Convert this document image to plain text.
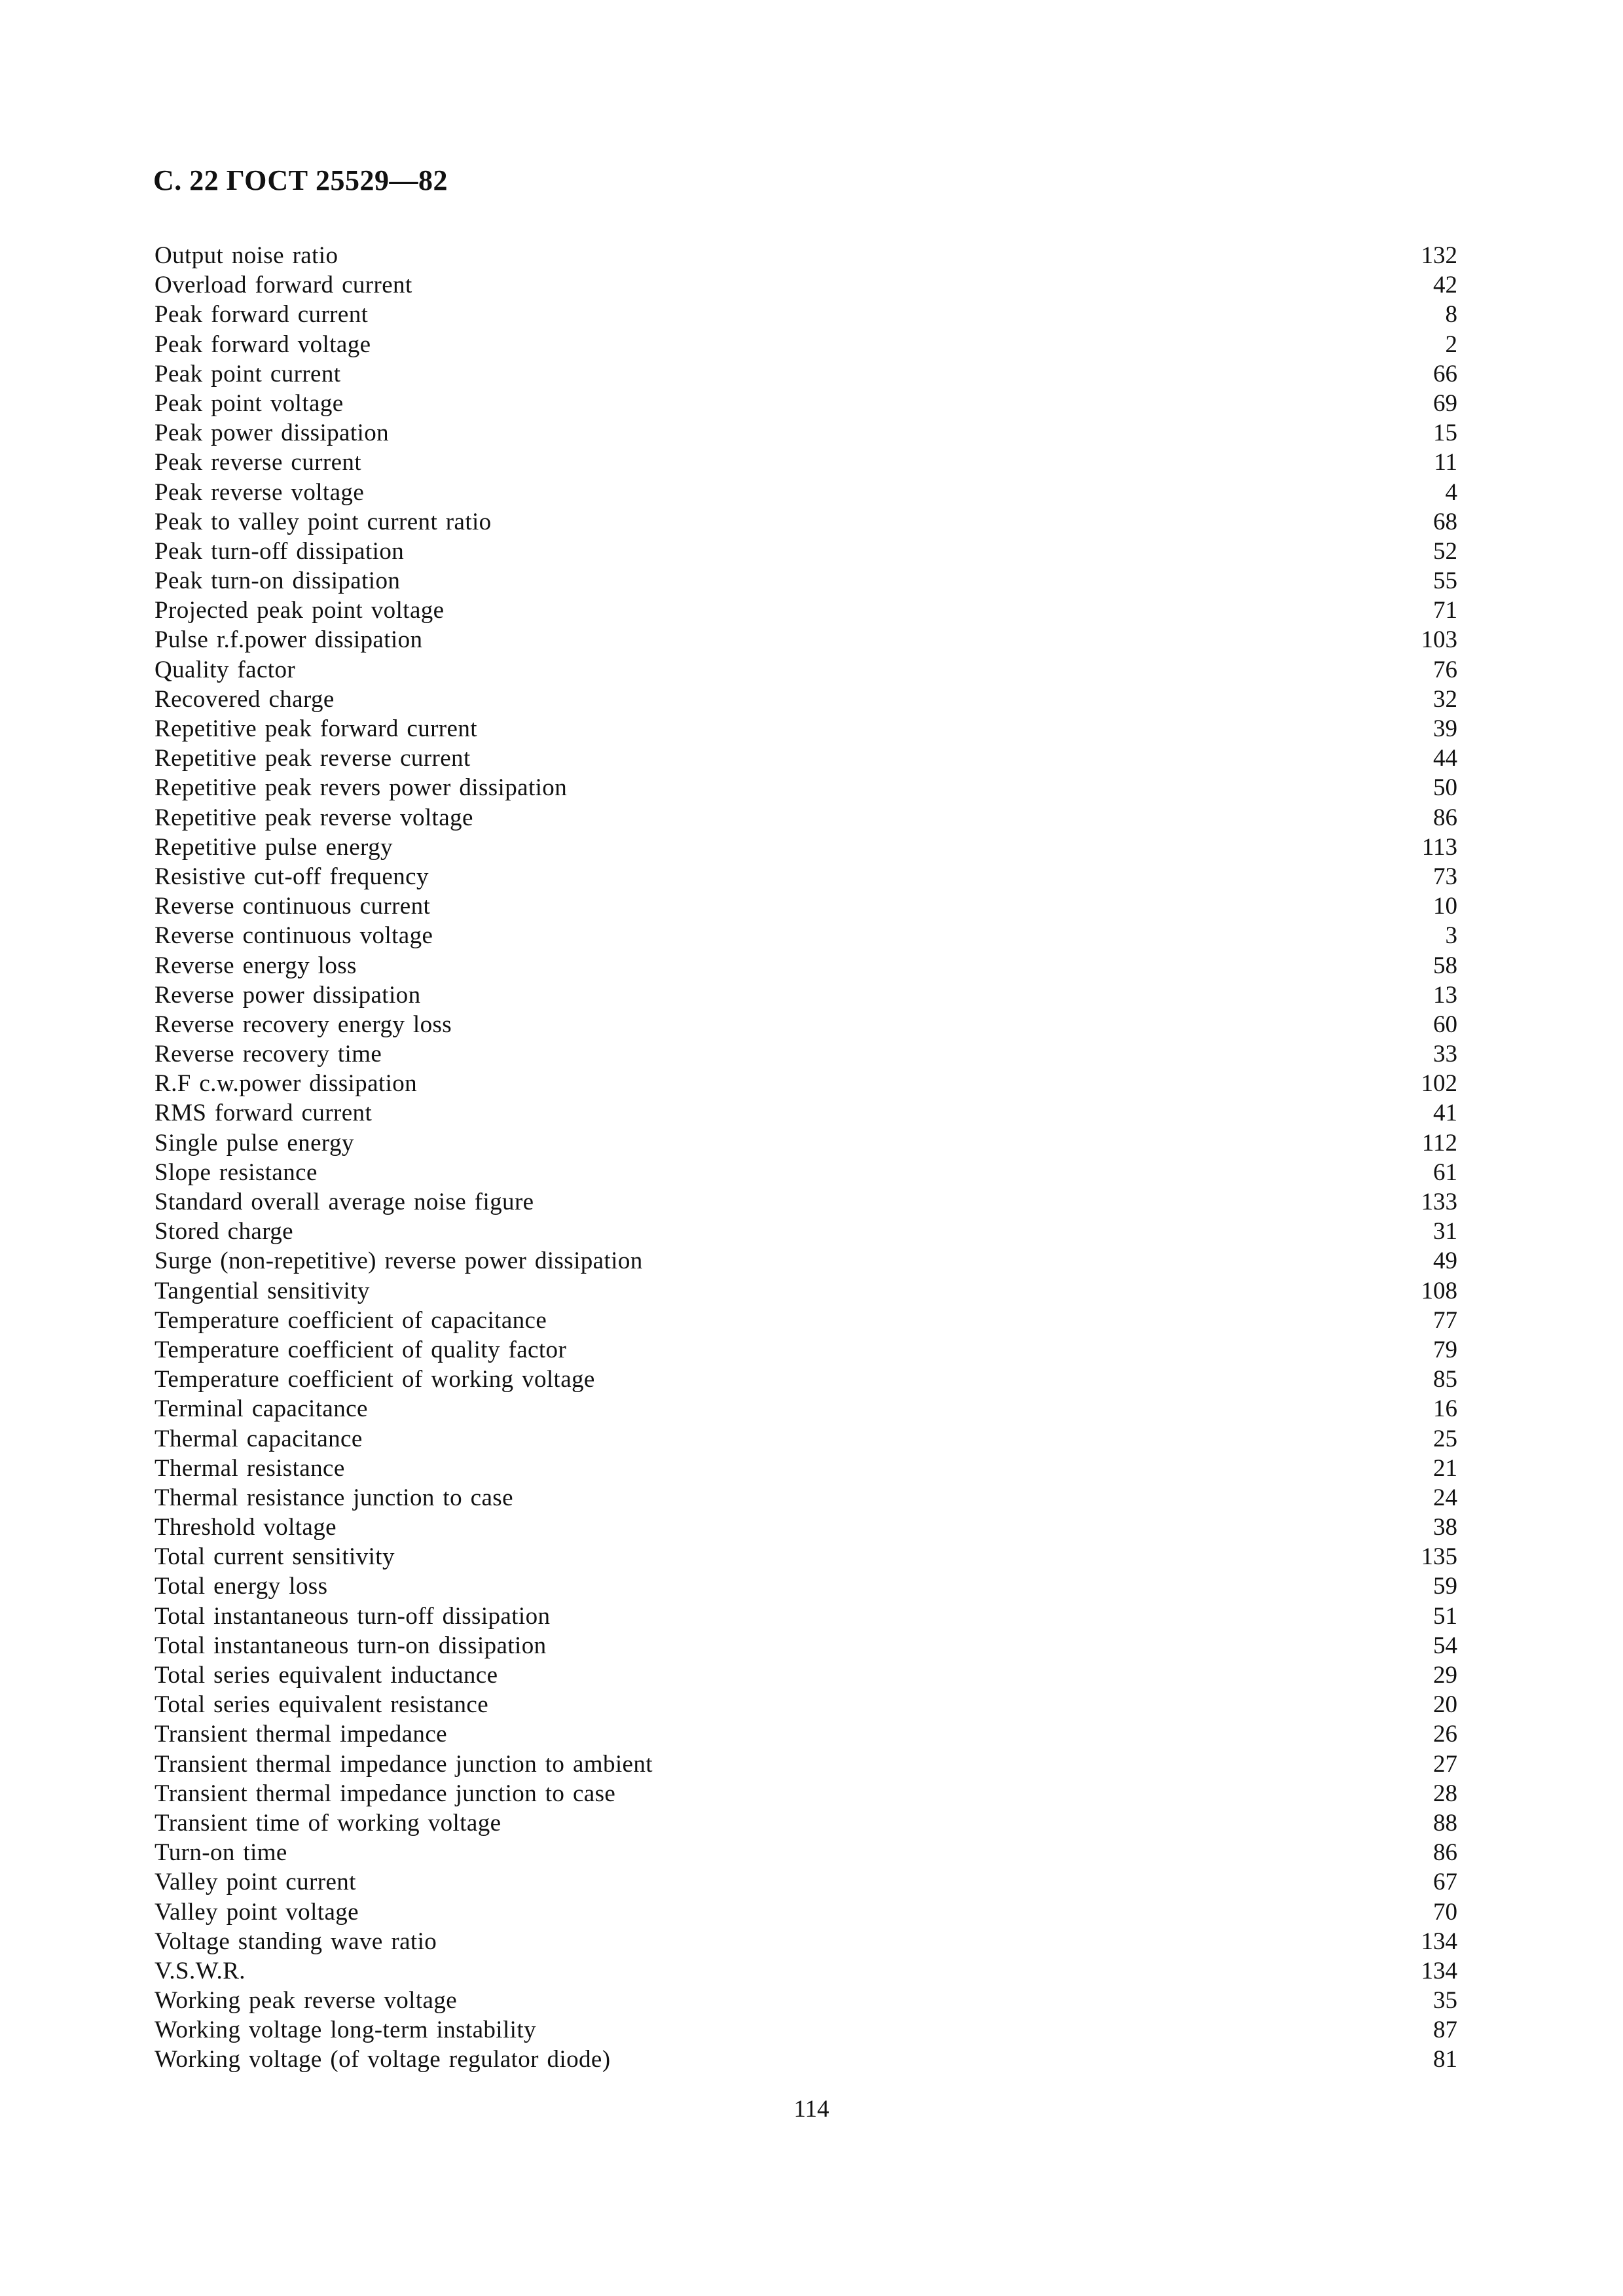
С. 22 ГОСТ 25529—82
Output noise ratio	132
Overload forward current	42
Peak forward current	8
Peak forward voltage	2
Peak point current	66
Peak point voltage	69
Peak power dissipation	15
Peak reverse current	11
Peak reverse voltage	4
Peak to valley point current ratio	68
Peak turn-off dissipation	52
Peak turn-on dissipation	55
Projected peak point voltage	71
Pulse r.f.power dissipation	103
Quality factor	76
Recovered charge	32
Repetitive peak forward current	39
Repetitive peak reverse current	44
Repetitive peak revers power dissipation	50
Repetitive peak reverse voltage	86
Repetitive pulse energy	113
Resistive cut-off frequency	73
Reverse continuous current	10
Reverse continuous voltage	3
Reverse energy loss	58
Reverse power dissipation	13
Reverse recovery energy loss	60
Reverse recovery time	33
R.F c.w.power dissipation	102
RMS forward current	41
Single pulse energy	112
Slope resistance	61
Standard overall average noise figure	133
Stored charge	31
Surge (non-repetitive) reverse power dissipation	49
Tangential sensitivity	108
Temperature coefficient of capacitance	77
Temperature coefficient of quality factor	79
Temperature coefficient of working voltage	85
Terminal capacitance	16
Thermal capacitance	25
Thermal resistance	21
Thermal resistance junction to case	24
Threshold voltage	38
Total current sensitivity	135
Total energy loss	59
Total instantaneous turn-off dissipation	51
Total instantaneous turn-on dissipation	54
Total series equivalent inductance	29
Total series equivalent resistance	20
Transient thermal impedance	26
Transient thermal impedance junction to ambient	27
Transient thermal impedance junction to case	28
Transient time of working voltage	88
Turn-on time	86
Valley point current	67
Valley point voltage	70
Voltage standing wave ratio	134
V.S.W.R.	134
Working peak reverse voltage	35
Working voltage long-term instability	87
Working voltage (of voltage regulator diode)	81
114
